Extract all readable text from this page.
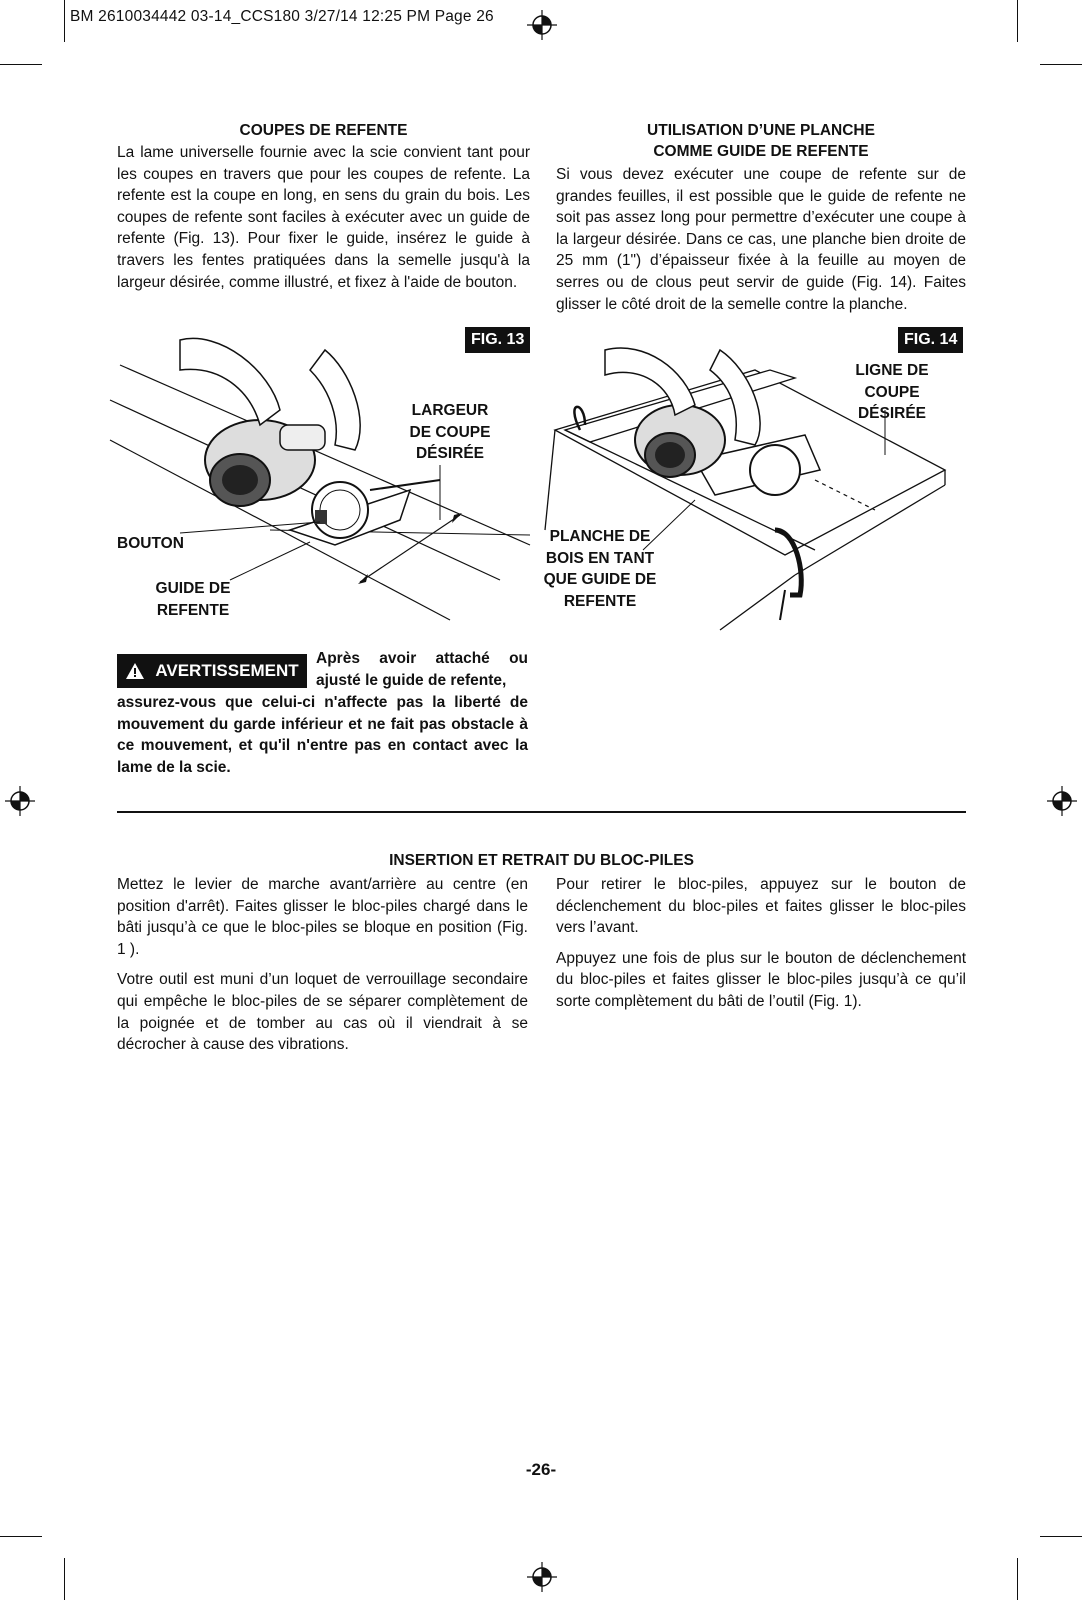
BM 2610034442 03-14_CCS180 3/27/14 12:25 PM Page 26
COUPES DE REFENTE

La lame universelle fournie avec la scie convient tant pour les coupes en travers que pour les coupes de refente. La refente est la coupe en long, en sens du grain du bois. Les coupes de refente sont faciles à exécuter avec un guide de refente (Fig. 13). Pour fixer le guide, insérez le guide à travers les fentes pratiquées dans la semelle jusqu'à la largeur désirée, comme illustré, et fixez à l'aide de bouton.

UTILISATION D’UNE PLANCHE
COMME GUIDE DE REFENTE

Si vous devez exécuter une coupe de refente sur de grandes feuilles, il est possible que le guide de refente ne soit pas assez long pour permettre d’exécuter une coupe à la largeur désirée. Dans ce cas, une planche bien droite de 25 mm (1") d’épaisseur fixée à la feuille au moyen de serres ou de clous peut servir de guide (Fig. 14). Faites glisser le côté droit de la semelle contre la planche.

FIG. 13
LARGEUR
DE COUPE
DÉSIRÉE
BOUTON
GUIDE DE
REFENTE
FIG. 14
LIGNE DE
COUPE
DÉSIRÉE
PLANCHE DE
BOIS EN TANT
QUE GUIDE DE
REFENTE
AVERTISSEMENT
Après avoir attaché ou ajusté le guide de refente,
assurez-vous que celui-ci n'affecte pas la liberté de mouvement du garde inférieur et ne fait pas obstacle à ce mouvement, et qu'il n'entre pas en contact avec la lame de la scie.
INSERTION ET RETRAIT DU BLOC-PILES

Mettez le levier de marche avant/arrière au centre (en position d'arrêt). Faites glisser le bloc-piles chargé dans le bâti jusqu’à ce que le bloc-piles se bloque en position (Fig. 1 ).

Votre outil est muni d’un loquet de verrouillage secondaire qui empêche le bloc-piles de se séparer complètement de la poignée et de tomber au cas où il viendrait à se décrocher à cause des vibrations.

Pour retirer le bloc-piles, appuyez sur le bouton de déclenchement du bloc-piles et faites glisser le bloc-piles vers l’avant.

Appuyez une fois de plus sur le bouton de déclenchement du bloc-piles et faites glisser le bloc-piles jusqu’à ce qu’il sorte complètement du bâti de l’outil (Fig. 1).

-26-
